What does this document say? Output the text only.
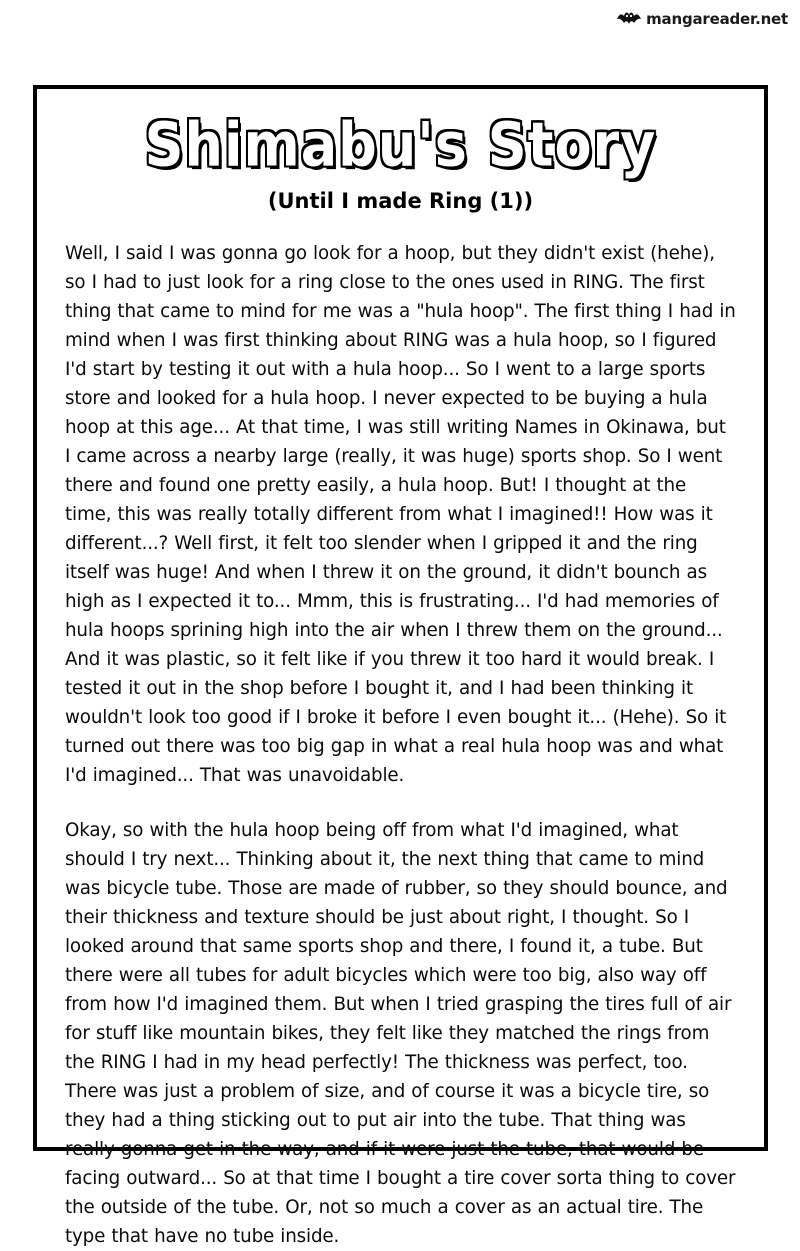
mangareader.net
Shimabu's Story
(Until I made Ring (1))

Well, I said I was gonna go look for a hoop, but they didn't exist (hehe), so I had to just look for a ring close to the ones used in RING. The first thing that came to mind for me was a "hula hoop". The first thing I had in mind when I was first thinking about RING was a hula hoop, so I figured I'd start by testing it out with a hula hoop... So I went to a large sports store and looked for a hula hoop. I never expected to be buying a hula hoop at this age... At that time, I was still writing Names in Okinawa, but I came across a nearby large (really, it was huge) sports shop. So I went there and found one pretty easily, a hula hoop. But! I thought at the time, this was really totally different from what I imagined!! How was it different...? Well first, it felt too slender when I gripped it and the ring itself was huge! And when I threw it on the ground, it didn't bounch as high as I expected it to... Mmm, this is frustrating... I'd had memories of hula hoops sprining high into the air when I threw them on the ground... And it was plastic, so it felt like if you threw it too hard it would break. I tested it out in the shop before I bought it, and I had been thinking it wouldn't look too good if I broke it before I even bought it... (Hehe). So it turned out there was too big gap in what a real hula hoop was and what I'd imagined... That was unavoidable.

Okay, so with the hula hoop being off from what I'd imagined, what should I try next... Thinking about it, the next thing that came to mind was bicycle tube. Those are made of rubber, so they should bounce, and their thickness and texture should be just about right, I thought. So I looked around that same sports shop and there, I found it, a tube. But there were all tubes for adult bicycles which were too big, also way off from how I'd imagined them. But when I tried grasping the tires full of air for stuff like mountain bikes, they felt like they matched the rings from the RING I had in my head perfectly! The thickness was perfect, too. There was just a problem of size, and of course it was a bicycle tire, so they had a thing sticking out to put air into the tube. That thing was really gonna get in the way, and if it were just the tube, that would be facing outward... So at that time I bought a tire cover sorta thing to cover the outside of the tube. Or, not so much a cover as an actual tire. The type that have no tube inside.
